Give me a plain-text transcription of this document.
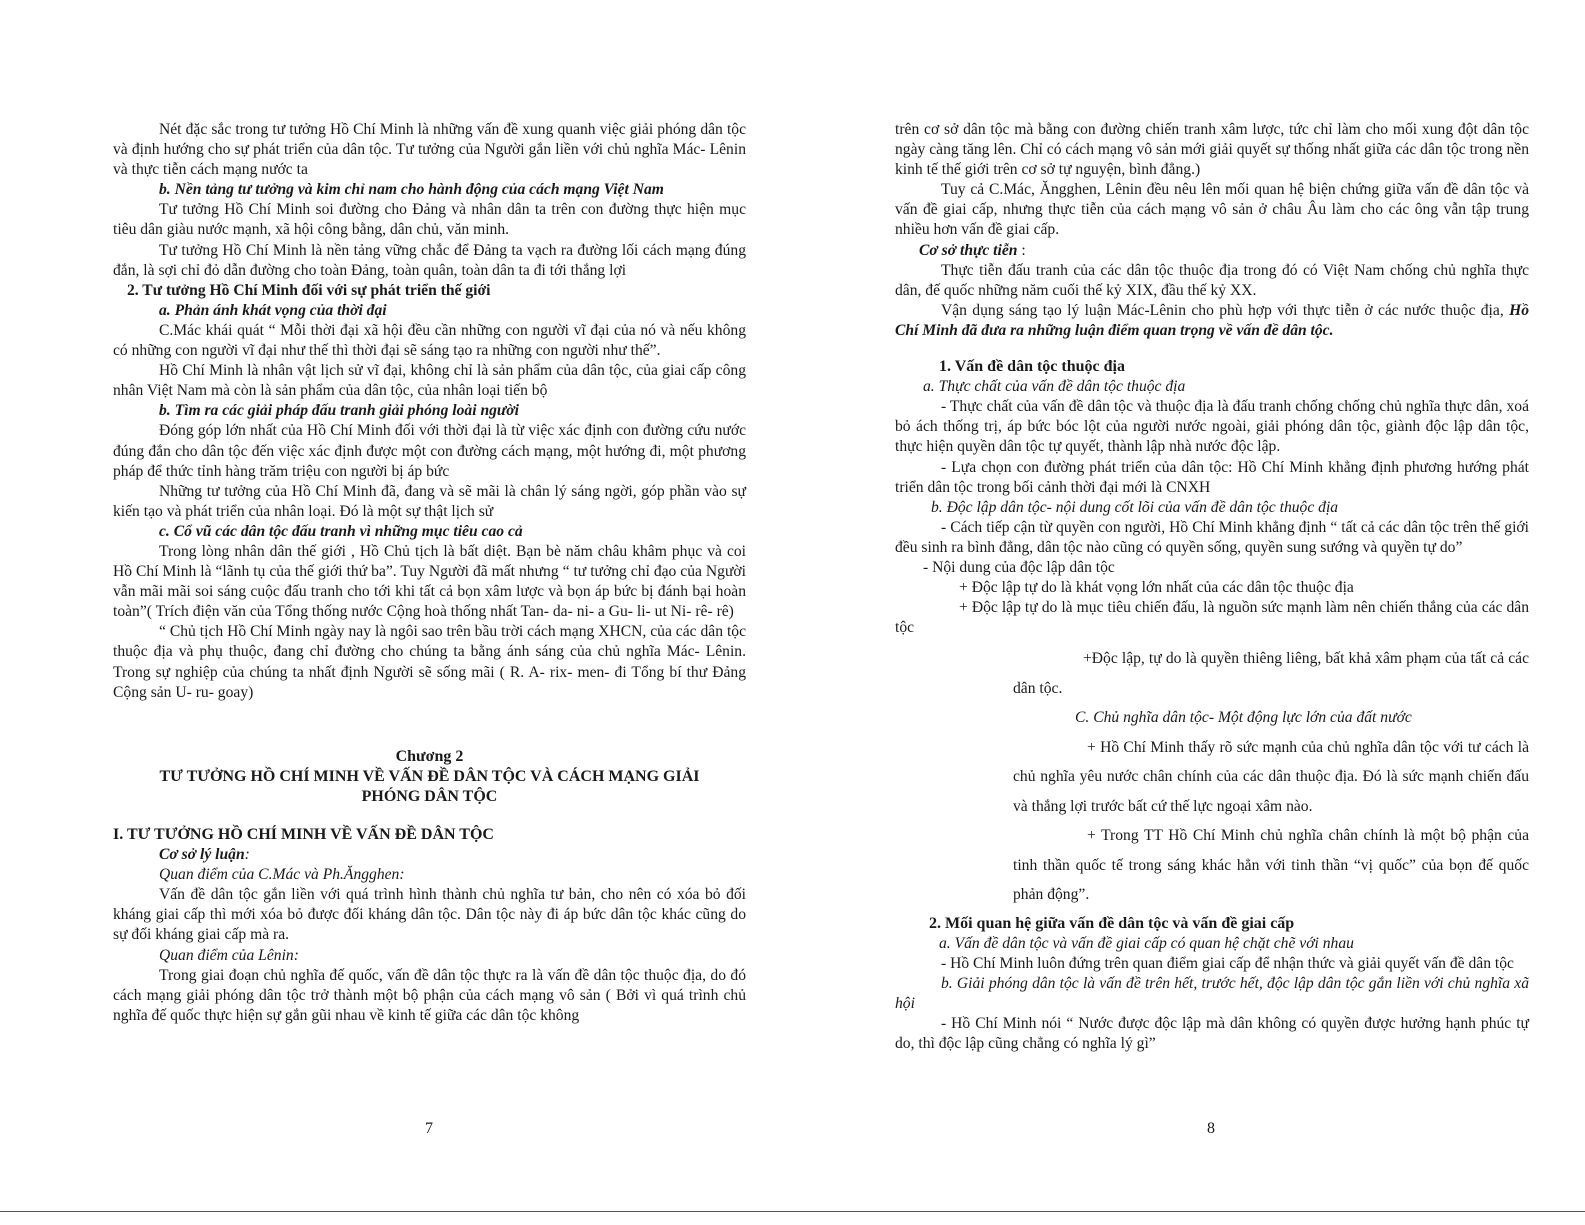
Nét đặc sắc trong tư tưởng Hồ Chí Minh là những vấn đề xung quanh việc giải phóng dân tộc và định hướng cho sự phát triển của dân tộc. Tư tưởng của Người gắn liền với chủ nghĩa Mác- Lênin và thực tiễn cách mạng nước ta

b. Nền tảng tư tưởng và kim chỉ nam cho hành động của cách mạng Việt Nam

Tư tưởng Hồ Chí Minh soi đường cho Đảng và nhân dân ta trên con đường thực hiện mục tiêu dân giàu nước mạnh, xã hội công bằng, dân chủ, văn minh.

Tư tưởng Hồ Chí Minh là nền tảng vững chắc để Đảng ta vạch ra đường lối cách mạng đúng đắn, là sợi chỉ đỏ dẫn đường cho toàn Đảng, toàn quân, toàn dân ta đi tới thắng lợi

2. Tư tưởng Hồ Chí Minh đối với sự phát triển thế giới

a. Phản ánh khát vọng của thời đại

C.Mác khái quát “ Mỗi thời đại xã hội đều cần những con người vĩ đại của nó và nếu không có những con người vĩ đại như thế thì thời đại sẽ sáng tạo ra những con người như thế”.

Hồ Chí Minh là nhân vật lịch sử vĩ đại, không chỉ là sản phẩm của dân tộc, của giai cấp công nhân Việt Nam mà còn là sản phẩm của dân tộc, của nhân loại tiến bộ

b. Tìm ra các giải pháp đấu tranh giải phóng loài người

Đóng góp lớn nhất của Hồ Chí Minh đối với thời đại là từ việc xác định con đường cứu nước đúng đắn cho dân tộc đến việc xác định được một con đường cách mạng, một hướng đi, một phương pháp để thức tỉnh hàng trăm triệu con người bị áp bức

Những tư tưởng của Hồ Chí Minh đã, đang và sẽ mãi là chân lý sáng ngời, góp phần vào sự kiến tạo và phát triển của nhân loại. Đó là một sự thật lịch sử

c. Cổ vũ các dân tộc đấu tranh vì những mục tiêu cao cả

Trong lòng nhân dân thế giới , Hồ Chủ tịch là bất diệt. Bạn bè năm châu khâm phục và coi Hồ Chí Minh là “lãnh tụ của thế giới thứ ba”. Tuy Người đã mất nhưng “ tư tưởng chỉ đạo của Người vẫn mãi mãi soi sáng cuộc đấu tranh cho tới khi tất cả bọn xâm lược và bọn áp bức bị đánh bại hoàn toàn”( Trích điện văn của Tổng thống nước Cộng hoà thống nhất Tan- da- ni- a Gu- li- ut Ni- rê- rê)

“ Chủ tịch Hồ Chí Minh ngày nay là ngôi sao trên bầu trời cách mạng XHCN, của các dân tộc thuộc địa và phụ thuộc, đang chỉ đường cho chúng ta bằng ánh sáng của chủ nghĩa Mác- Lênin. Trong sự nghiệp của chúng ta nhất định Người sẽ sống mãi ( R. A- rix- men- đi Tổng bí thư Đảng Cộng sản U- ru- goay)

Chương 2

TƯ TƯỞNG HỒ CHÍ MINH VỀ VẤN ĐỀ DÂN TỘC VÀ CÁCH MẠNG GIẢI

PHÓNG DÂN TỘC

I. TƯ TƯỞNG HỒ CHÍ MINH VỀ VẤN ĐỀ DÂN TỘC

Cơ sở lý luận:

Quan điểm của C.Mác và Ph.Ăngghen:

Vấn đề dân tộc gắn liền với quá trình hình thành chủ nghĩa tư bản, cho nên có xóa bỏ đối kháng giai cấp thì mới xóa bỏ được đối kháng dân tộc. Dân tộc này đi áp bức dân tộc khác cũng do sự đối kháng giai cấp mà ra.

Quan điểm của Lênin:

Trong giai đoạn chủ nghĩa đế quốc, vấn đề dân tộc thực ra là vấn đề dân tộc thuộc địa, do đó cách mạng giải phóng dân tộc trở thành một bộ phận của cách mạng vô sản ( Bởi vì quá trình chủ nghĩa đế quốc thực hiện sự gắn gũi nhau về kinh tế giữa các dân tộc không

7

trên cơ sở dân tộc mà bằng con đường chiến tranh xâm lược, tức chỉ làm cho mối xung đột dân tộc ngày càng tăng lên. Chỉ có cách mạng vô sản mới giải quyết sự thống nhất giữa các dân tộc trong nền kinh tế thế giới trên cơ sở tự nguyện, bình đẳng.)

Tuy cả C.Mác, Ăngghen, Lênin đều nêu lên mối quan hệ biện chứng giữa vấn đề dân tộc và vấn đề giai cấp, nhưng thực tiễn của cách mạng vô sản ở châu Âu làm cho các ông vẫn tập trung nhiều hơn vấn đề giai cấp.

Cơ sở thực tiễn :

Thực tiễn đấu tranh của các dân tộc thuộc địa trong đó có Việt Nam chống chủ nghĩa thực dân, đế quốc những năm cuối thế kỷ XIX, đầu thế kỷ XX.

Vận dụng sáng tạo lý luận Mác-Lênin cho phù hợp với thực tiễn ở các nước thuộc địa, Hồ Chí Minh đã đưa ra những luận điểm quan trọng về vấn đề dân tộc.

1. Vấn đề dân tộc thuộc địa

a. Thực chất của vấn đề dân tộc thuộc địa

- Thực chất của vấn đề dân tộc và thuộc địa là đấu tranh chống chống chủ nghĩa thực dân, xoá bỏ ách thống trị, áp bức bóc lột của người nước ngoài, giải phóng dân tộc, giành độc lập dân tộc, thực hiện quyền dân tộc tự quyết, thành lập nhà nước độc lập.

- Lựa chọn con đường phát triển của dân tộc: Hồ Chí Minh khẳng định phương hướng phát triển dân tộc trong bối cảnh thời đại mới là CNXH

b. Độc lập dân tộc- nội dung cốt lõi của vấn đề dân tộc thuộc địa

- Cách tiếp cận từ quyền con người, Hồ Chí Minh khẳng định “ tất cả các dân tộc trên thế giới đều sinh ra bình đẳng, dân tộc nào cũng có quyền sống, quyền sung sướng và quyền tự do”

- Nội dung của độc lập dân tộc

+ Độc lập tự do là khát vọng lớn nhất của các dân tộc thuộc địa

+ Độc lập tự do là mục tiêu chiến đấu, là nguồn sức mạnh làm nên chiến thắng của các dân tộc

+Độc lập, tự do là quyền thiêng liêng, bất khả xâm phạm của tất cả các dân tộc.

C. Chủ nghĩa dân tộc- Một động lực lớn của đất nước

+ Hồ Chí Minh thấy rõ sức mạnh của chủ nghĩa dân tộc với tư cách là chủ nghĩa yêu nước chân chính của các dân thuộc địa. Đó là sức mạnh chiến đấu và thắng lợi trước bất cứ thế lực ngoại xâm nào.

+ Trong TT Hồ Chí Minh chủ nghĩa chân chính là một bộ phận của tinh thần quốc tế trong sáng khác hẳn với tinh thần “vị quốc” của bọn đế quốc phản động”.

2. Mối quan hệ giữa vấn đề dân tộc và vấn đề giai cấp

a. Vấn đề dân tộc và vấn đề giai cấp có quan hệ chặt chẽ với nhau

- Hồ Chí Minh luôn đứng trên quan điểm giai cấp để nhận thức và giải quyết vấn đề dân tộc

b. Giải phóng dân tộc là vấn đề trên hết, trước hết, độc lập dân tộc gắn liền với chủ nghĩa xã hội

- Hồ Chí Minh nói “ Nước được độc lập mà dân không có quyền được hưởng hạnh phúc tự do, thì độc lập cũng chẳng có nghĩa lý gì”

8
